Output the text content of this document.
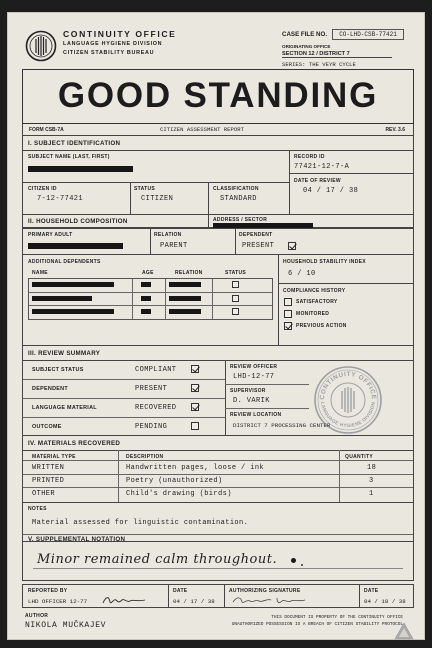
CONTINUITY OFFICE
LANGUAGE HYGIENE DIVISION
CITIZEN STABILITY BUREAU
CASE FILE NO.	CO-LHD-CSB-77421
ORIGINATING OFFICE
SECTION 12 / DISTRICT 7
SERIES: THE VEYR CYCLE
GOOD STANDING
FORM CSB-7A	CITIZEN ASSESSMENT REPORT	REV. 3.6
I. SUBJECT IDENTIFICATION
SUBJECT NAME (LAST, FIRST)	RECORD ID
77421-12-7-A
DATE OF REVIEW
04 / 17 / 38
CITIZEN ID
7-12-77421
STATUS
CITIZEN
CLASSIFICATION
STANDARD
II. HOUSEHOLD COMPOSITION	ADDRESS / SECTOR
PRIMARY ADULT	RELATION
PARENT
DEPENDENT
PRESENT
ADDITIONAL DEPENDENTS
NAME	AGE	RELATION	STATUS
HOUSEHOLD STABILITY INDEX
6 / 10
COMPLIANCE HISTORY
SATISFACTORY
MONITORED
PREVIOUS ACTION
III. REVIEW SUMMARY
SUBJECT STATUS	COMPLIANT
DEPENDENT	PRESENT
LANGUAGE MATERIAL	RECOVERED
OUTCOME	PENDING
REVIEW OFFICER
LHD-12-77
SUPERVISOR
D. VARIK
REVIEW LOCATION
DISTRICT 7 PROCESSING CENTER
CONTINUITY OFFICE
LANGUAGE HYGIENE DIVISION
IV. MATERIALS RECOVERED
MATERIAL TYPE	DESCRIPTION	QUANTITY
WRITTEN	Handwritten pages, loose / ink	18
PRINTED	Poetry (unauthorized)	3
OTHER	Child's drawing (birds)	1
NOTES
Material assessed for linguistic contamination.
V. SUPPLEMENTAL NOTATION
Minor remained calm throughout.
REPORTED BY
LHD OFFICER 12-77
DATE
04 / 17 / 38
AUTHORIZING SIGNATURE	DATE
04 / 18 / 38
AUTHOR
NIKOLA MUČKAJEV
THIS DOCUMENT IS PROPERTY OF THE CONTINUITY OFFICE
UNAUTHORIZED POSSESSION IS A BREACH OF CITIZEN STABILITY PROTOCOL
